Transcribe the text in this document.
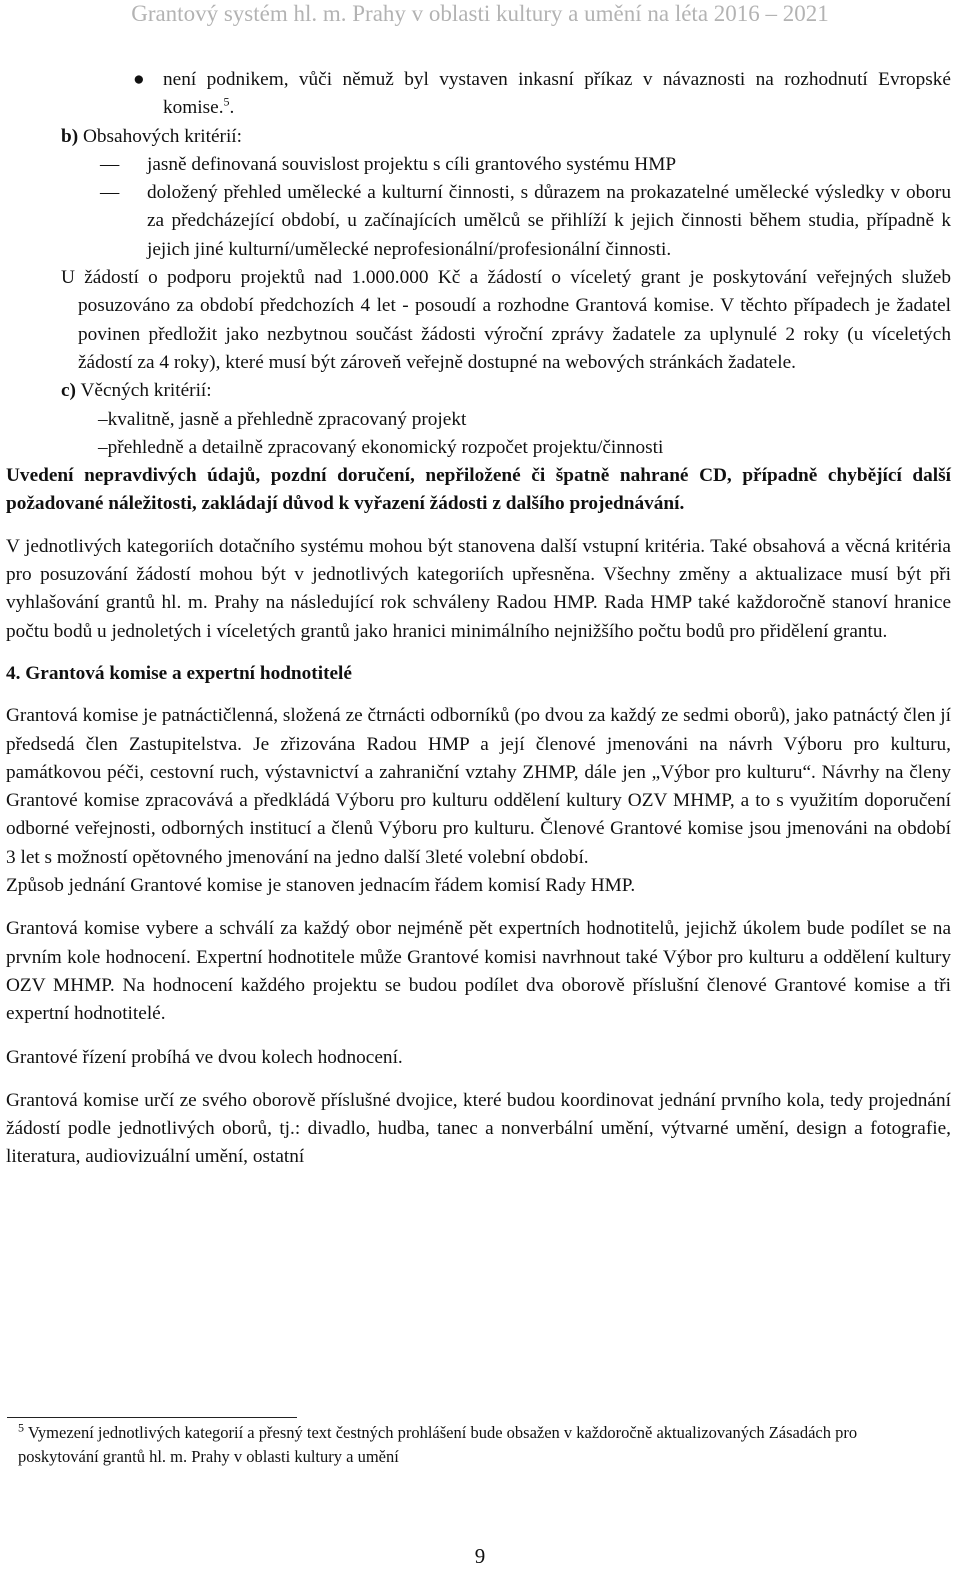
Grantový systém hl. m. Prahy v oblasti kultury a umění na léta 2016 – 2021
● není podnikem, vůči němuž byl vystaven inkasní příkaz v návaznosti na rozhodnutí Evropské komise.$^5$.

b) Obsahových kritérií:

— jasně definovaná souvislost projektu s cíli grantového systému HMP
— doložený přehled umělecké a kulturní činnosti, s důrazem na prokazatelné umělecké výsledky v oboru za předcházející období, u začínajících umělců se přihlíží k jejich činnosti během studia, případně k jejich jiné kulturní/umělecké neprofesionální/profesionální činnosti.

U žádostí o podporu projektů nad 1.000.000 Kč a žádostí o víceletý grant je poskytování veřejných služeb posuzováno za období předchozích 4 let - posoudí a rozhodne Grantová komise. V těchto případech je žadatel povinen předložit jako nezbytnou součást žádosti výroční zprávy žadatele za uplynulé 2 roky (u víceletých žádostí za 4 roky), které musí být zároveň veřejně dostupné na webových stránkách žadatele.

c) Věcných kritérií:

–kvalitně, jasně a přehledně zpracovaný projekt

–přehledně a detailně zpracovaný ekonomický rozpočet projektu/činnosti

Uvedení nepravdivých údajů, pozdní doručení, nepřiložené či špatně nahrané CD, případně chybějící další požadované náležitosti, zakládají důvod k vyřazení žádosti z dalšího projednávání.

V jednotlivých kategoriích dotačního systému mohou být stanovena další vstupní kritéria. Také obsahová a věcná kritéria pro posuzování žádostí mohou být v jednotlivých kategoriích upřesněna. Všechny změny a aktualizace musí být při vyhlašování grantů hl. m. Prahy na následující rok schváleny Radou HMP. Rada HMP také každoročně stanoví hranice počtu bodů u jednoletých i víceletých grantů jako hranici minimálního nejnižšího počtu bodů pro přidělení grantu.

4. Grantová komise a expertní hodnotitelé

Grantová komise je patnáctičlenná, složená ze čtrnácti odborníků (po dvou za každý ze sedmi oborů), jako patnáctý člen jí předsedá člen Zastupitelstva. Je zřizována Radou HMP a její členové jmenováni na návrh Výboru pro kulturu, památkovou péči, cestovní ruch, výstavnictví a zahraniční vztahy ZHMP, dále jen „Výbor pro kulturu“. Návrhy na členy Grantové komise zpracovává a předkládá Výboru pro kulturu oddělení kultury OZV MHMP, a to s využitím doporučení odborné veřejnosti, odborných institucí a členů Výboru pro kulturu. Členové Grantové komise jsou jmenováni na období 3 let s možností opětovného jmenování na jedno další 3leté volební období.

Způsob jednání Grantové komise je stanoven jednacím řádem komisí Rady HMP.

Grantová komise vybere a schválí za každý obor nejméně pět expertních hodnotitelů, jejichž úkolem bude podílet se na prvním kole hodnocení. Expertní hodnotitele může Grantové komisi navrhnout také Výbor pro kulturu a oddělení kultury OZV MHMP. Na hodnocení každého projektu se budou podílet dva oborově příslušní členové Grantové komise a tři expertní hodnotitelé.

Grantové řízení probíhá ve dvou kolech hodnocení.

Grantová komise určí ze svého oborově příslušné dvojice, které budou koordinovat jednání prvního kola, tedy projednání žádostí podle jednotlivých oborů, tj.: divadlo, hudba, tanec a nonverbální umění, výtvarné umění, design a fotografie, literatura, audiovizuální umění, ostatní

$^5$ Vymezení jednotlivých kategorií a přesný text čestných prohlášení bude obsažen v každoročně aktualizovaných Zásadách pro poskytování grantů hl. m. Prahy v oblasti kultury a umění
9
